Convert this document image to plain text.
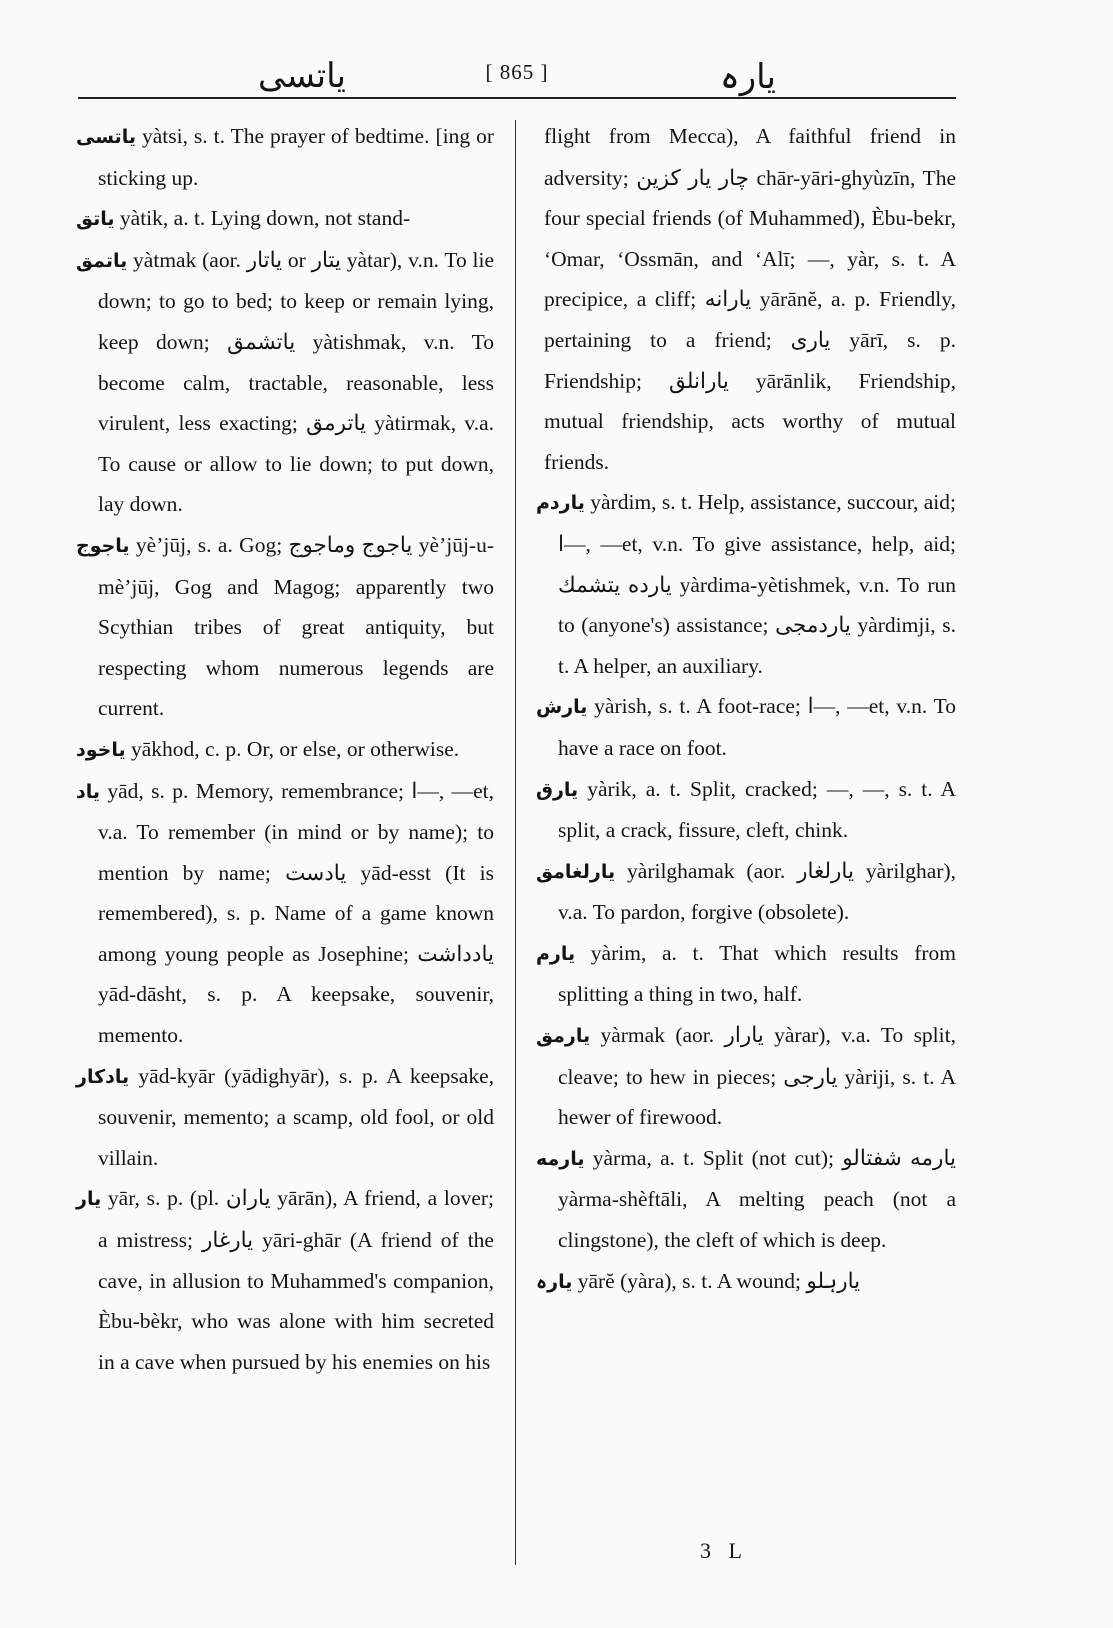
ياتسى	[ 865 ]	يارہ

ياتسى yàtsi, s. t. The prayer of bedtime. [ing or sticking up.

ياتق yàtik, a. t. Lying down, not stand-

ياتمق yàtmak (aor. ياتار or يتار yàtar), v.n. To lie down; to go to bed; to keep or remain lying, keep down; ياتشمق yàtishmak, v.n. To become calm, tractable, reasonable, less virulent, less exacting; ياترمق yàtirmak, v.a. To cause or allow to lie down; to put down, lay down.

ياجوج yèʼjūj, s. a. Gog; ياجوج وماجوج yèʼjūj-u-mèʼjūj, Gog and Magog; apparently two Scythian tribes of great antiquity, but respecting whom numerous legends are current.

ياخود yākhod, c. p. Or, or else, or otherwise.

ياد yād, s. p. Memory, remembrance; ا—, —et, v.a. To remember (in mind or by name); to mention by name; يادست yād-esst (It is remembered), s. p. Name of a game known among young people as Josephine; يادداشت yād-dāsht, s. p. A keepsake, souvenir, memento.

يادكار yād-kyār (yādighyār), s. p. A keepsake, souvenir, memento; a scamp, old fool, or old villain.

يار yār, s. p. (pl. ياران yārān), A friend, a lover; a mistress; يارغار yāri-ghār (A friend of the cave, in allusion to Muhammed's companion, Èbu-bèkr, who was alone with him secreted in a cave when pursued by his enemies on his

flight from Mecca), A faithful friend in adversity; چار يار كزين chār-yāri-ghyùzīn, The four special friends (of Muhammed), Èbu-bekr, ʻOmar, ʻOssmān, and ʻAlī; —, yàr, s. t. A precipice, a cliff; يارانه yārānĕ, a. p. Friendly, pertaining to a friend; يارى yārī, s. p. Friendship; يارانلق yārānlik, Friendship, mutual friendship, acts worthy of mutual friends.

ياردم yàrdim, s. t. Help, assistance, succour, aid; ا—, —et, v.n. To give assistance, help, aid; يارده يتشمك yàrdima-yètishmek, v.n. To run to (anyone's) assistance; ياردمجى yàrdimji, s. t. A helper, an auxiliary.

يارش yàrish, s. t. A foot-race; ا—, —et, v.n. To have a race on foot.

يارق yàrik, a. t. Split, cracked; —, —, s. t. A split, a crack, fissure, cleft, chink.

يارلغامق yàrilghamak (aor. يارلغار yàrilghar), v.a. To pardon, forgive (obsolete).

يارم yàrim, a. t. That which results from splitting a thing in two, half.

يارمق yàrmak (aor. يارار yàrar), v.a. To split, cleave; to hew in pieces; يارجى yàriji, s. t. A hewer of firewood.

يارمه yàrma, a. t. Split (not cut); يارمه شفتالو yàrma-shèftāli, A melting peach (not a clingstone), the cleft of which is deep.

يارہ yārĕ (yàra), s. t. A wound; يارہلو

3 L
